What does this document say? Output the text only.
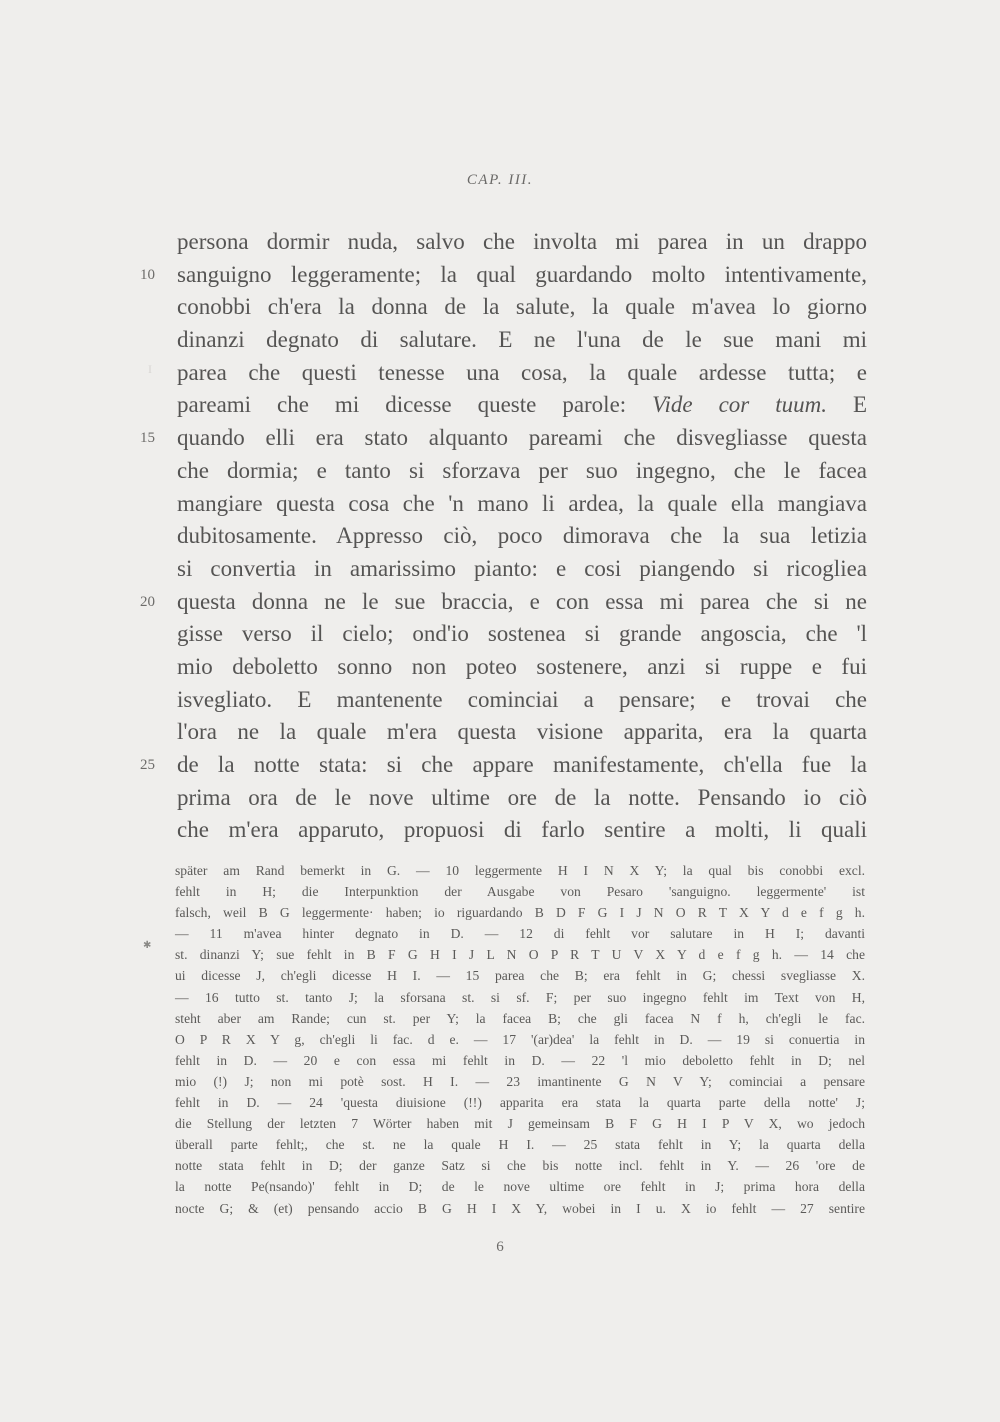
CAP. III.
I
✱
persona dormir nuda, salvo che involta mi parea in un drappo
10 sanguigno leggeramente; la qual guardando molto intentivamente,
conobbi ch'era la donna de la salute, la quale m'avea lo giorno
dinanzi degnato di salutare. E ne l'una de le sue mani mi
parea che questi tenesse una cosa, la quale ardesse tutta; e
pareami che mi dicesse queste parole: Vide cor tuum. E
15 quando elli era stato alquanto pareami che disvegliasse questa
che dormia; e tanto si sforzava per suo ingegno, che le facea
mangiare questa cosa che 'n mano li ardea, la quale ella mangiava
dubitosamente. Appresso ciò, poco dimorava che la sua letizia
si convertia in amarissimo pianto: e cosi piangendo si ricogliea
20 questa donna ne le sue braccia, e con essa mi parea che si ne
gisse verso il cielo; ond'io sostenea si grande angoscia, che 'l
mio deboletto sonno non poteo sostenere, anzi si ruppe e fui
isvegliato. E mantenente cominciai a pensare; e trovai che
l'ora ne la quale m'era questa visione apparita, era la quarta
25 de la notte stata: si che appare manifestamente, ch'ella fue la
prima ora de le nove ultime ore de la notte. Pensando io ciò
che m'era apparuto, propuosi di farlo sentire a molti, li quali
später am Rand bemerkt in G. — 10 leggermente H I N X Y; la qual bis conobbi excl.
fehlt in H; die Interpunktion der Ausgabe von Pesaro 'sanguigno. leggermente' ist
falsch, weil B G leggermente· haben; io riguardando B D F G I J N O R T X Y d e f g h.
— 11 m'avea hinter degnato in D. — 12 di fehlt vor salutare in H I; davanti
st. dinanzi Y; sue fehlt in B F G H I J L N O P R T U V X Y d e f g h. — 14 che
ui dicesse J, ch'egli dicesse H I. — 15 parea che B; era fehlt in G; chessi svegliasse X.
— 16 tutto st. tanto J; la sforsana st. si sf. F; per suo ingegno fehlt im Text von H,
steht aber am Rande; cun st. per Y; la facea B; che gli facea N f h, ch'egli le fac.
O P R X Y g, ch'egli li fac. d e. — 17 '(ar)dea' la fehlt in D. — 19 si conuertia in
fehlt in D. — 20 e con essa mi fehlt in D. — 22 'l mio deboletto fehlt in D; nel
mio (!) J; non mi potè sost. H I. — 23 imantinente G N V Y; cominciai a pensare
fehlt in D. — 24 'questa diuisione (!!) apparita era stata la quarta parte della notte' J;
die Stellung der letzten 7 Wörter haben mit J gemeinsam B F G H I P V X, wo jedoch
überall parte fehlt;, che st. ne la quale H I. — 25 stata fehlt in Y; la quarta della
notte stata fehlt in D; der ganze Satz si che bis notte incl. fehlt in Y. — 26 'ore de
la notte Pe(nsando)' fehlt in D; de le nove ultime ore fehlt in J; prima hora della
nocte G; & (et) pensando accio B G H I X Y, wobei in I u. X io fehlt — 27 sentire
6
